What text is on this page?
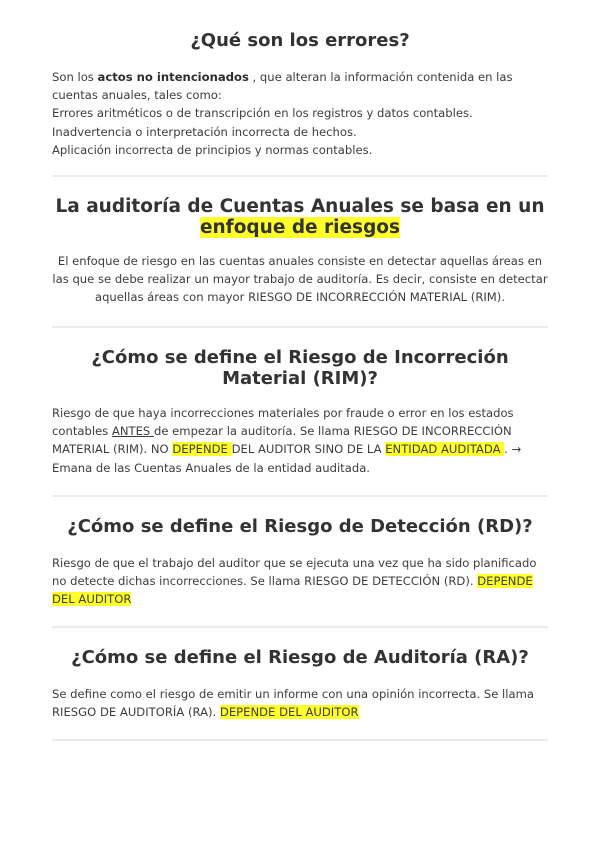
¿Qué son los errores?

Son los actos no intencionados , que alteran la información contenida en las cuentas anuales, tales como:
Errores aritméticos o de transcripción en los registros y datos contables.
Inadvertencia o interpretación incorrecta de hechos.
Aplicación incorrecta de principios y normas contables.

La auditoría de Cuentas Anuales se basa en un
enfoque de riesgos

El enfoque de riesgo en las cuentas anuales consiste en detectar aquellas áreas en las que se debe realizar un mayor trabajo de auditoría. Es decir, consiste en detectar aquellas áreas con mayor RIESGO DE INCORRECCIÓN MATERIAL (RIM).

¿Cómo se define el Riesgo de Incorreción Material (RIM)?

Riesgo de que haya incorrecciones materiales por fraude o error en los estados contables ANTES de empezar la auditoría. Se llama RIESGO DE INCORRECCIÓN MATERIAL (RIM). NO DEPENDE DEL AUDITOR SINO DE LA ENTIDAD AUDITADA . → Emana de las Cuentas Anuales de la entidad auditada.

¿Cómo se define el Riesgo de Detección (RD)?

Riesgo de que el trabajo del auditor que se ejecuta una vez que ha sido planificado no detecte dichas incorrecciones. Se llama RIESGO DE DETECCIÓN (RD). DEPENDE DEL AUDITOR

¿Cómo se define el Riesgo de Auditoría (RA)?

Se define como el riesgo de emitir un informe con una opinión incorrecta. Se llama RIESGO DE AUDITORÍA (RA). DEPENDE DEL AUDITOR
